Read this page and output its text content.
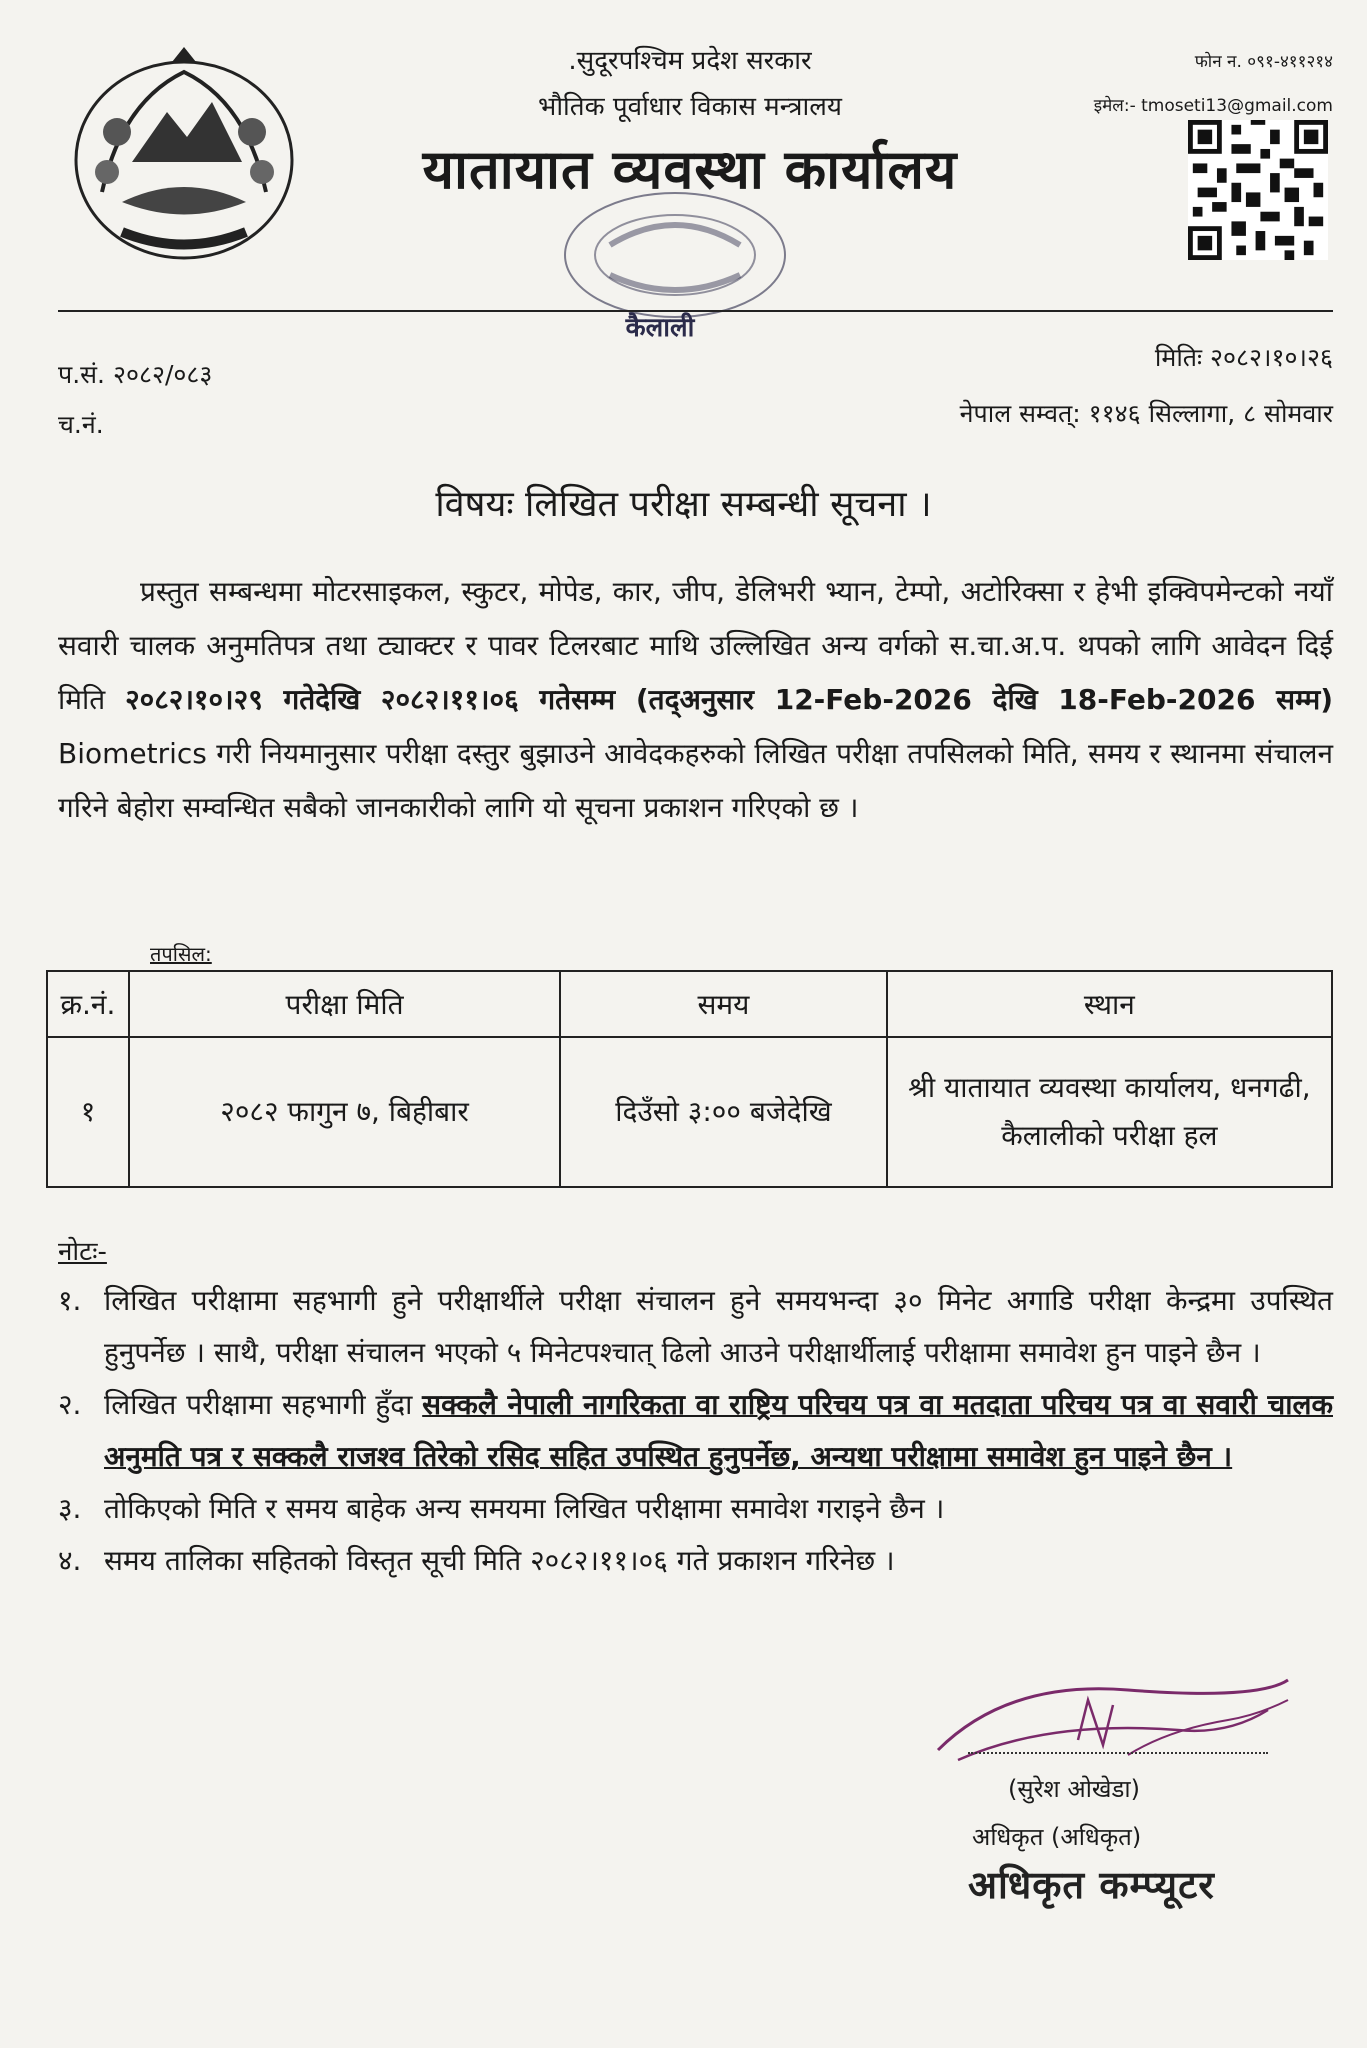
.सुदूरपश्चिम प्रदेश सरकार
भौतिक पूर्वाधार विकास मन्त्रालय
यातायात व्यवस्था कार्यालय
कैलाली
फोन न. ०९१-४११२१४
इमेल:- tmoseti13@gmail.com
प.सं. २०८२/०८३
च.नं.
मितिः २०८२।१०।२६
नेपाल सम्वत्: ११४६ सिल्लागा, ८ सोमवार
विषयः लिखित परीक्षा सम्बन्धी सूचना ।
प्रस्तुत सम्बन्धमा मोटरसाइकल, स्कुटर, मोपेड, कार, जीप, डेलिभरी भ्यान, टेम्पो, अटोरिक्सा र हेभी इक्विपमेन्टको नयाँ सवारी चालक अनुमतिपत्र तथा ट्याक्टर र पावर टिलरबाट माथि उल्लिखित अन्य वर्गको स.चा.अ.प. थपको लागि आवेदन दिई मिति २०८२।१०।२९ गतेदेखि २०८२।११।०६ गतेसम्म (तद्अनुसार 12-Feb-2026 देखि 18-Feb-2026 सम्म) Biometrics गरी नियमानुसार परीक्षा दस्तुर बुझाउने आवेदकहरुको लिखित परीक्षा तपसिलको मिति, समय र स्थानमा संचालन गरिने बेहोरा सम्वन्धित सबैको जानकारीको लागि यो सूचना प्रकाशन गरिएको छ ।
तपसिल:
क्र.नं.	परीक्षा मिति	समय	स्थान
१	२०८२ फागुन ७, बिहीबार	दिउँसो ३:०० बजेदेखि	श्री यातायात व्यवस्था कार्यालय, धनगढी, कैलालीको परीक्षा हल
नोटः-
१. लिखित परीक्षामा सहभागी हुने परीक्षार्थीले परीक्षा संचालन हुने समयभन्दा ३० मिनेट अगाडि परीक्षा केन्द्रमा उपस्थित हुनुपर्नेछ । साथै, परीक्षा संचालन भएको ५ मिनेटपश्चात् ढिलो आउने परीक्षार्थीलाई परीक्षामा समावेश हुन पाइने छैन ।
२. लिखित परीक्षामा सहभागी हुँदा सक्कलै नेपाली नागरिकता वा राष्ट्रिय परिचय पत्र वा मतदाता परिचय पत्र वा सवारी चालक अनुमति पत्र र सक्कलै राजश्व तिरेको रसिद सहित उपस्थित हुनुपर्नेछ, अन्यथा परीक्षामा समावेश हुन पाइने छैन ।
३. तोकिएको मिति र समय बाहेक अन्य समयमा लिखित परीक्षामा समावेश गराइने छैन ।
४. समय तालिका सहितको विस्तृत सूची मिति २०८२।११।०६ गते प्रकाशन गरिनेछ ।
(सुरेश ओखेडा)
अधिकृत (अधिकृत)
अधिकृत कम्प्यूटर
